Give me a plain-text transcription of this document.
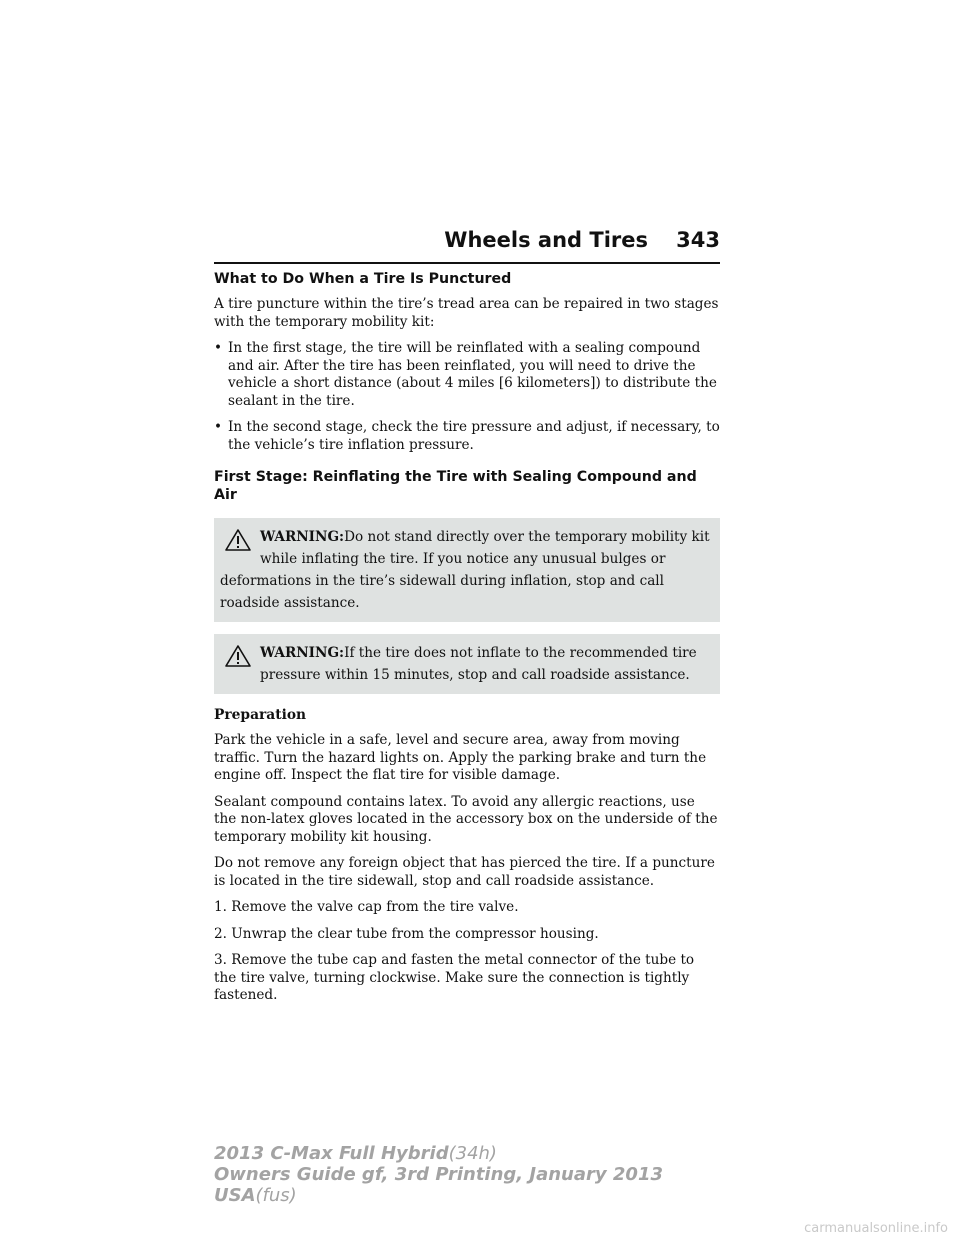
Wheels and Tires 343
What to Do When a Tire Is Punctured

A tire puncture within the tire’s tread area can be repaired in two stages with the temporary mobility kit:

• In the first stage, the tire will be reinflated with a sealing compound and air. After the tire has been reinflated, you will need to drive the vehicle a short distance (about 4 miles [6 kilometers]) to distribute the sealant in the tire.
• In the second stage, check the tire pressure and adjust, if necessary, to the vehicle’s tire inflation pressure.
First Stage: Reinflating the Tire with Sealing Compound and Air
WARNING:Do not stand directly over the temporary mobility kit while inflating the tire. If you notice any unusual bulges or
deformations in the tire’s sidewall during inflation, stop and call roadside assistance.
WARNING:If the tire does not inflate to the recommended tire pressure within 15 minutes, stop and call roadside assistance.
Preparation

Park the vehicle in a safe, level and secure area, away from moving traffic. Turn the hazard lights on. Apply the parking brake and turn the engine off. Inspect the flat tire for visible damage.

Sealant compound contains latex. To avoid any allergic reactions, use the non-latex gloves located in the accessory box on the underside of the temporary mobility kit housing.

Do not remove any foreign object that has pierced the tire. If a puncture is located in the tire sidewall, stop and call roadside assistance.

1. Remove the valve cap from the tire valve.

2. Unwrap the clear tube from the compressor housing.

3. Remove the tube cap and fasten the metal connector of the tube to the tire valve, turning clockwise. Make sure the connection is tightly fastened.

2013 C-Max Full Hybrid(34h)
Owners Guide gf, 3rd Printing, January 2013
USA(fus)
carmanualsonline.info
